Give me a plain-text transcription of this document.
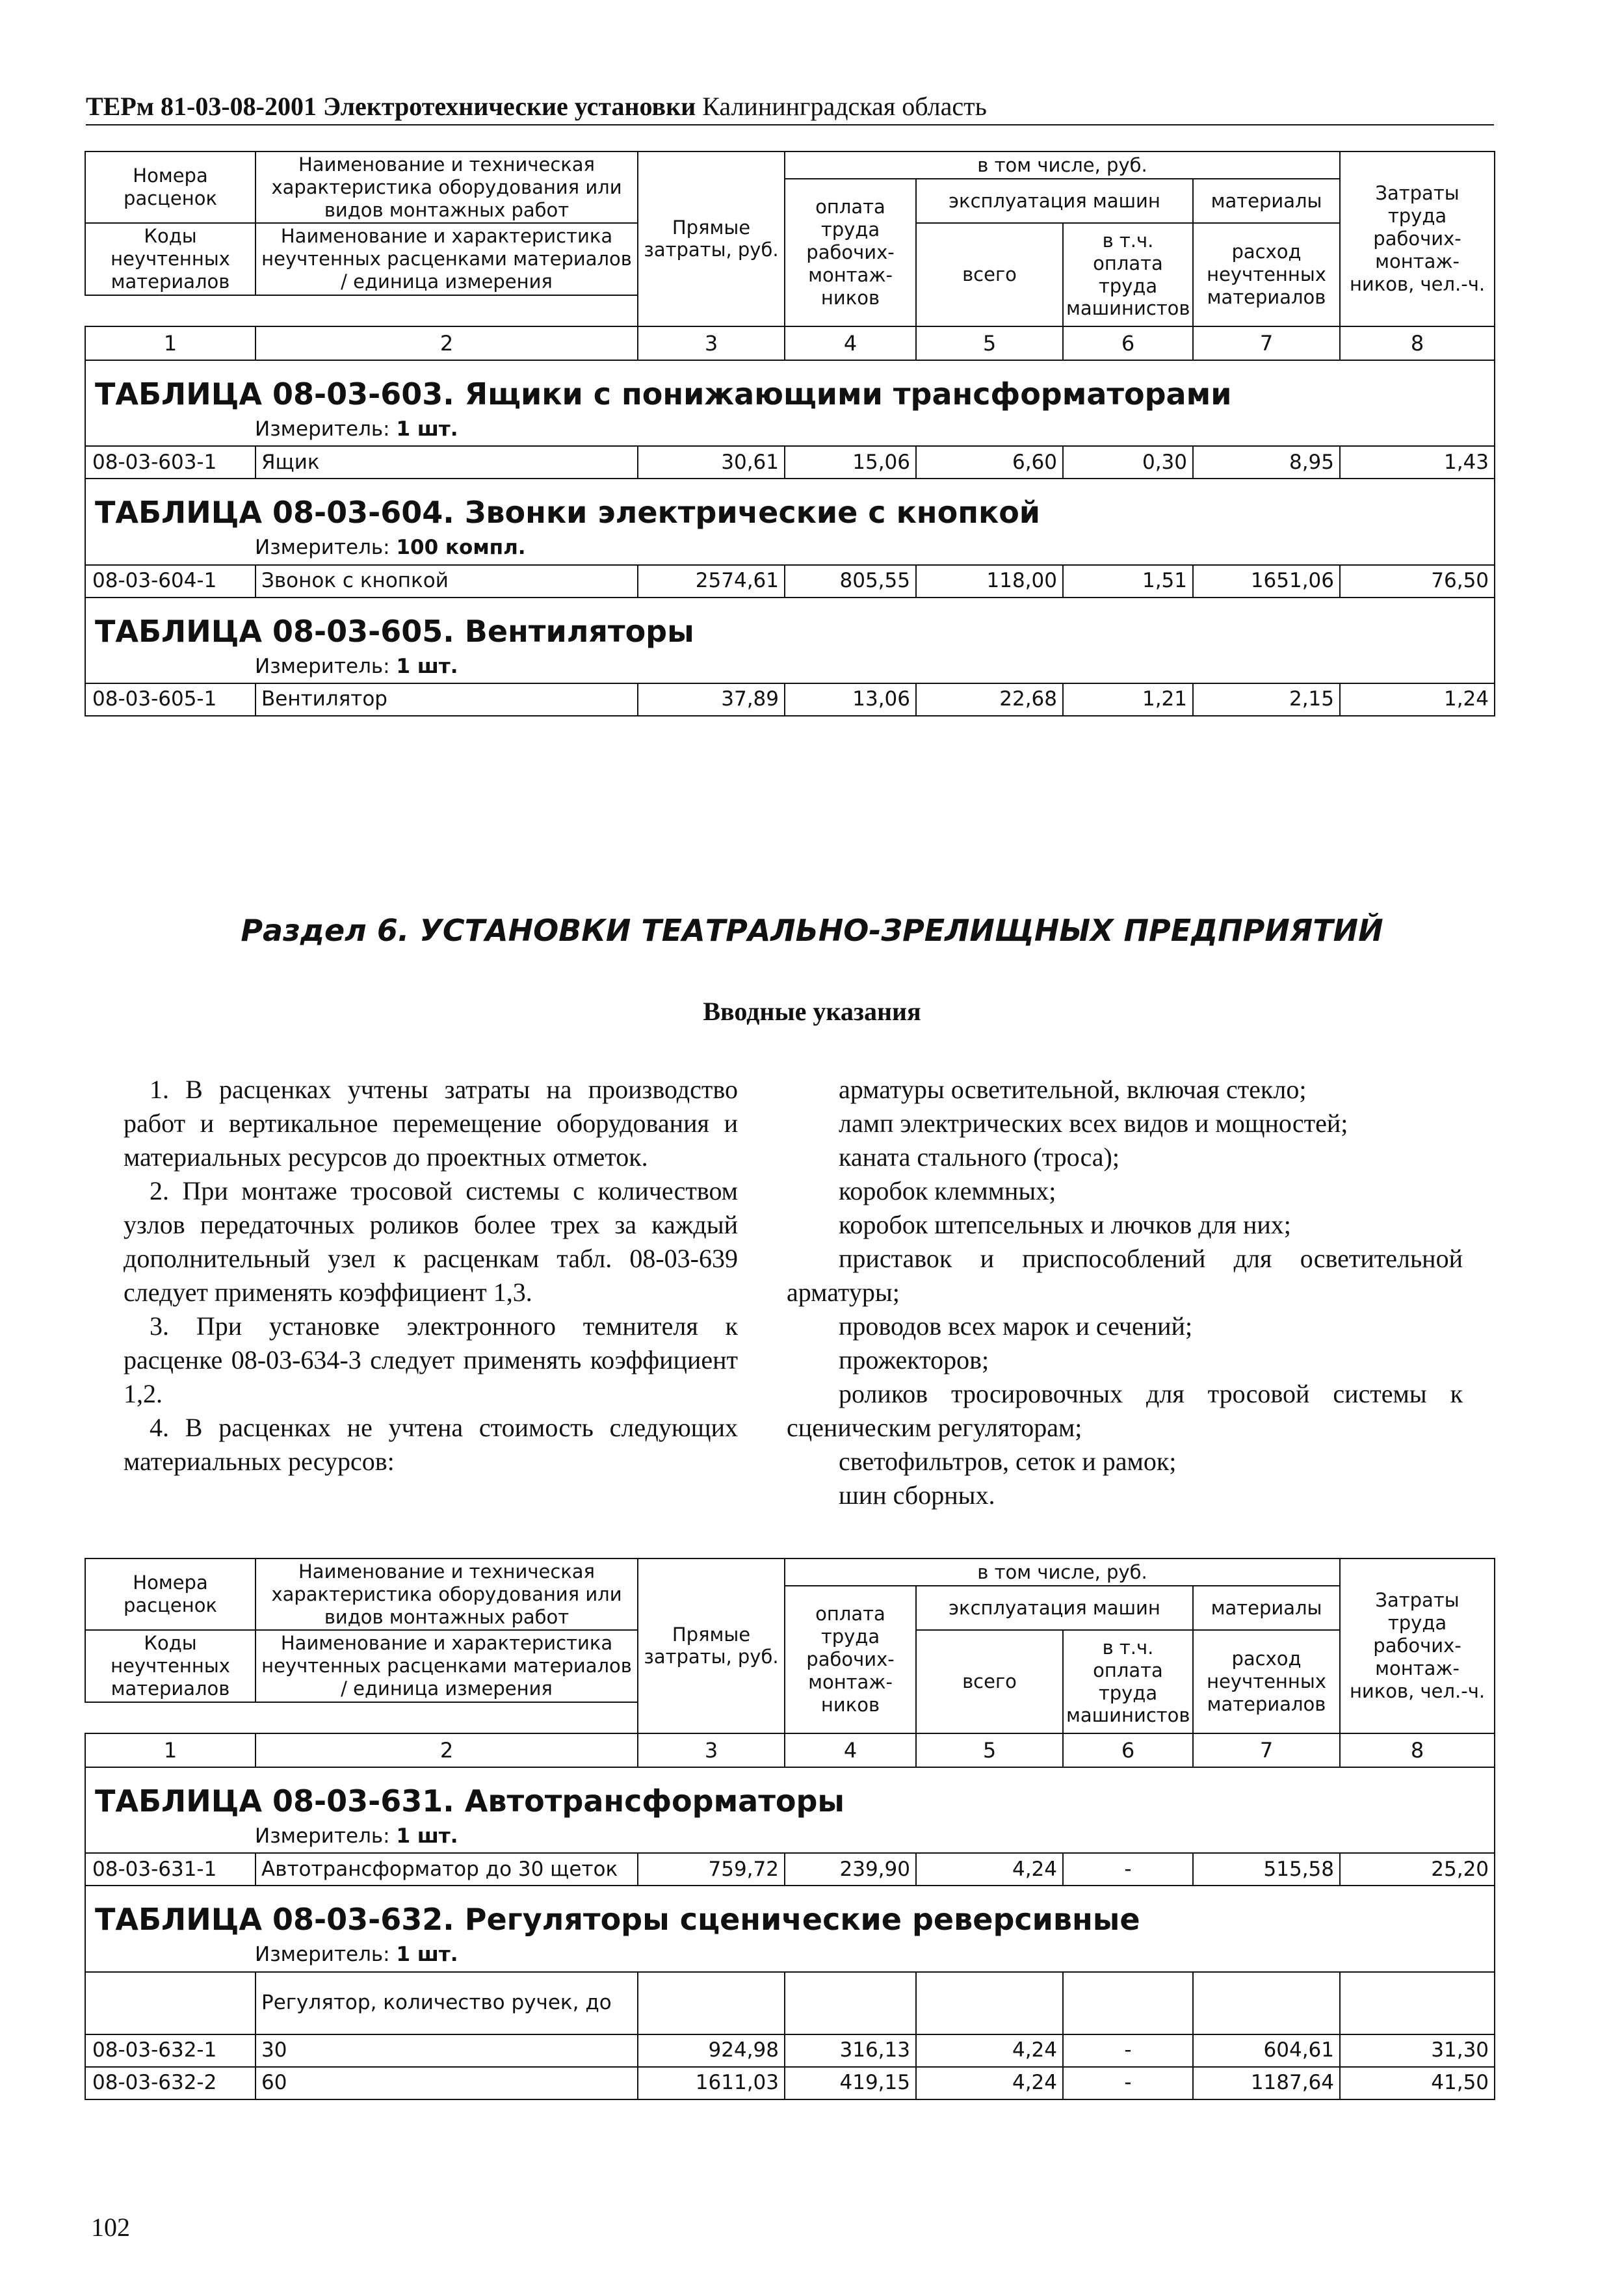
ТЕРм 81-03-08-2001 Электротехнические установки Калининградская область
Номера расценок	Наименование и техническая характеристика оборудования или видов монтажных работ	Прямые затраты, руб.	в том числе, руб.				Затраты труда рабочих-монтаж-ников, чел.-ч.
			оплата труда рабочих-монтаж-ников	эксплуатация машин		материалы	
Коды неучтенных материалов	Наименование и характеристика неучтенных расценками материалов / единица измерения			всего	в т.ч. оплата труда машинистов	расход неучтенных материалов	

1	2	3	4	5	6	7	8
ТАБЛИЦА 08-03-603. Ящики с понижающими трансформаторами							
Измеритель: 1 шт.							
08-03-603-1	Ящик	30,61	15,06	6,60	0,30	8,95	1,43
ТАБЛИЦА 08-03-604. Звонки электрические с кнопкой							
Измеритель: 100 компл.							
08-03-604-1	Звонок с кнопкой	2574,61	805,55	118,00	1,51	1651,06	76,50
ТАБЛИЦА 08-03-605. Вентиляторы							
Измеритель: 1 шт.							
08-03-605-1	Вентилятор	37,89	13,06	22,68	1,21	2,15	1,24
Раздел 6. УСТАНОВКИ ТЕАТРАЛЬНО-ЗРЕЛИЩНЫХ ПРЕДПРИЯТИЙ
Вводные указания

1. В расценках учтены затраты на производство работ и вертикальное перемещение оборудования и материальных ресурсов до проектных отметок.

2. При монтаже тросовой системы с количеством узлов передаточных роликов более трех за каждый дополнительный узел к расценкам табл. 08-03-639 следует применять коэффициент 1,3.

3. При установке электронного темнителя к расценке 08-03-634-3 следует применять коэффициент 1,2.

4. В расценках не учтена стоимость следующих материальных ресурсов:

арматуры осветительной, включая стекло;

ламп электрических всех видов и мощностей;

каната стального (троса);

коробок клеммных;

коробок штепсельных и лючков для них;

приставок и приспособлений для осветительной арматуры;

проводов всех марок и сечений;

прожекторов;

роликов тросировочных для тросовой системы к сценическим регуляторам;

светофильтров, сеток и рамок;

шин сборных.

Номера расценок	Наименование и техническая характеристика оборудования или видов монтажных работ	Прямые затраты, руб.	в том числе, руб.				Затраты труда рабочих-монтаж-ников, чел.-ч.
			оплата труда рабочих-монтаж-ников	эксплуатация машин		материалы	
Коды неучтенных материалов	Наименование и характеристика неучтенных расценками материалов / единица измерения			всего	в т.ч. оплата труда машинистов	расход неучтенных материалов	

1	2	3	4	5	6	7	8
ТАБЛИЦА 08-03-631. Автотрансформаторы							
Измеритель: 1 шт.							
08-03-631-1	Автотрансформатор до 30 щеток	759,72	239,90	4,24	-	515,58	25,20
ТАБЛИЦА 08-03-632. Регуляторы сценические реверсивные							
Измеритель: 1 шт.							
	Регулятор, количество ручек, до						
08-03-632-1	30	924,98	316,13	4,24	-	604,61	31,30
08-03-632-2	60	1611,03	419,15	4,24	-	1187,64	41,50
102
